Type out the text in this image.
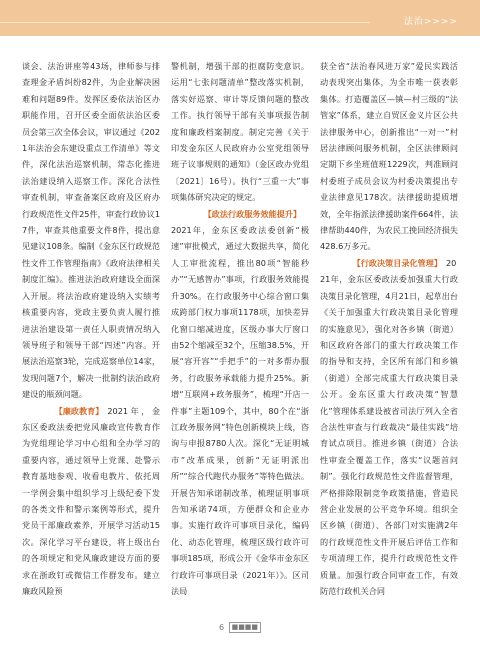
法治>>>>

谈会、法治讲座等43场，律师参与排查理金矛盾纠纷82件，为企业解决困难和问题89件。发挥区委依法治区办职能作用，召开区委全面依法治区委员会第三次全体会议，审议通过《2021年法治会东建设重点工作清单》等文件，深化法治巡察机制，常态化推进法治建设纳入巡察工作。深化合法性审查机制，审查备案区政府及区府办行政规范性文件25件，审查行政协议17件，审查其他重要文件8件，提出意见建议108条。编制《金东区行政规范性文件工作管理指南》《政府法律相关制度汇编》。推进法治政府建设全面深入开展。将法治政府建设纳入实绩考核重要内容，党政主要负责人履行推进法治建设第一责任人职责情况纳入领导班子和领导干部“四述”内容。开展法治巡察3轮，完成巡察单位14家，发现问题7个，解决一批制约法治政府建设的瓶颈问题。

【 廉政教育 】 2021年，金东区委政法委把党风廉政宣传教育作为党组理论学习中心组和全办学习的重要内容，通过领导上党课、赴警示教育基地参观、收看电教片、依托周一学例会集中组织学习上级纪委下发的各类文件和警示案例等形式，提升党员干部廉政素养，开展学习活动15次。深化学习平台建设，将上级出台的各项规定和党风廉政建设方面的要求在浙政钉或微信工作群发布。建立廉政风险预

警机制，增强干部的拒腐防变意识。运用“七张问题清单”整改落实机制，落实好巡察、审计等反馈问题的整改工作。执行领导干部有关事项报告制度和廉政档案制度。制定完善《关于印发金东区人民政府办公室党组领导班子议事规则的通知》（金区政办党组〔2021〕16号）。执行“三重一大”事项集体研究决定的规定。

【 政法行政服务效能提升 】2021年，金东区委政法委创新“极速”审批模式，通过大数据共享，简化人工审批流程，推出80项“智能秒办”“无感智办”事项，行政服务效能提升30%。在行政服务中心综合窗口集成跨部门权力事项1178项，加快差异化窗口缩减进度，区级办事大厅窗口由52个缩减至32个，压缩38.5%，开展“容开容”“手把手”的一对多帮办服务，行政服务承载能力提升25%。新增“互联网+政务服务”，梳理“开店一件事”主题109个，其中，80个在“浙江政务服务网”特色创新模块上线，咨询与申报8780人次。深化“无证明城市”改革成果，创新“无证明派出所”“综合代跑代办服务”等特色做法。开展告知承诺制改革，梳理证明事项告知承诺74项，方便群众和企业办事。实施行政许可事项目录化，编码化、动态化管理，梳理区级行政许可事项185项，形成公开《金华市金东区行政许可事项目录（2021年）》。区司法局

获全省“法治春风进万家”爱民实践活动表现突出集体，为全市唯一获表彰集体。打造覆盖区—镇—村三级的“法管家”体系，建立自贸区金义片区公共法律服务中心，创新推出“一对一”村居法律顾问服务机制，全区法律顾问定期下乡坐班值班1229次，判准顾问村委班子成员会议为村委决策提出专业法律意见178次。法律援助提质增效，全年指派法律援助案件664件，法律帮助440件，为农民工挽回经济损失428.6万多元。

【 行政决策目录化管理 】 2021年，金东区委政法委加强重大行政决策目录化管理，4月21日，起草出台《关于加强重大行政决策目录化管理的实施意见》，强化对各乡镇（街道）和区政府各部门的重大行政决策工作的指导和支持，全区所有部门和乡镇（街道）全部完成重大行政决策目录公开。金东区重大行政决策“智慧化”管理体系建设被省司法厅列入全省合法性审查与行政裁决“最佳实践”培育试点项目。推进乡镇（街道）合法性审查全覆盖工作，落实“议题首问制”。强化行政规范性文件监督管理，严格排除限制竞争政策措施，营造民营企业发展的公平竞争环境。组织全区乡镇（街道）、各部门对实施满2年的行政规范性文件开展后评估工作和专项清理工作，提升行政规范性文件质量。加强行政合同审查工作，有效防范行政机关合同

6 ■■■■
